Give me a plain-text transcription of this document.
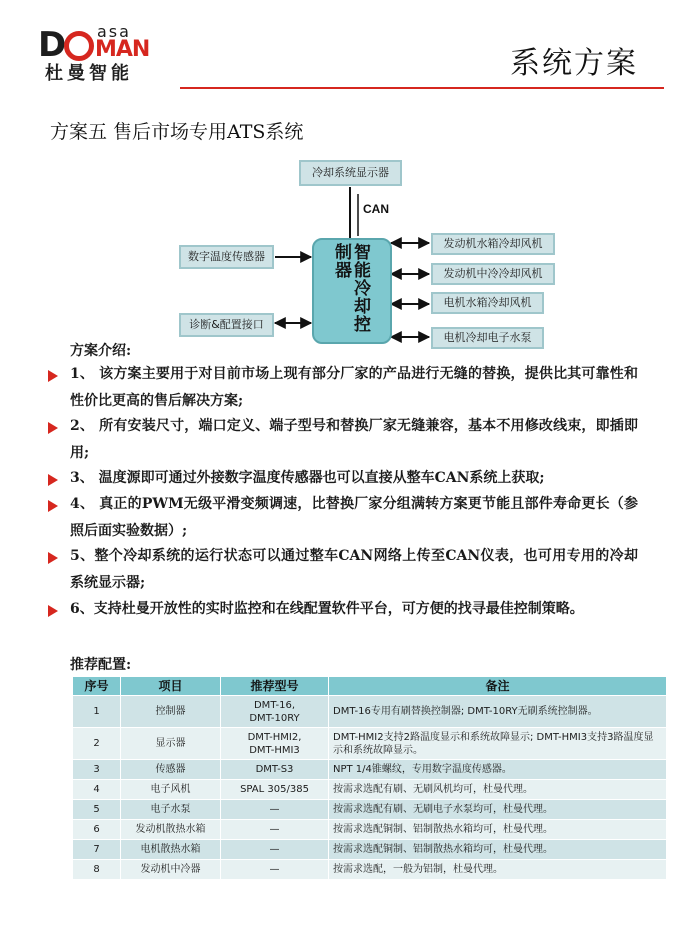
D	asa
MAN
杜曼智能	系统方案
方案五 售后市场专用ATS系统
冷却系统显示器
CAN
智能冷却控制器
数字温度传感器
诊断&配置接口
发动机水箱冷却风机
发动机中冷冷却风机
电机水箱冷却风机
电机冷却电子水泵
方案介绍:
1、 该方案主要用于对目前市场上现有部分厂家的产品进行无缝的替换，提供比其可靠性和性价比更高的售后解决方案;
2、 所有安装尺寸，端口定义、端子型号和替换厂家无缝兼容，基本不用修改线束，即插即用;
3、 温度源即可通过外接数字温度传感器也可以直接从整车CAN系统上获取;
4、 真正的PWM无级平滑变频调速，比替换厂家分组满转方案更节能且部件寿命更长（参照后面实验数据）;
5、整个冷却系统的运行状态可以通过整车CAN网络上传至CAN仪表，也可用专用的冷却系统显示器;
6、支持杜曼开放性的实时监控和在线配置软件平台，可方便的找寻最佳控制策略。
推荐配置:
序号	项目	推荐型号	备注
1	控制器	DMT-16,
DMT-10RY	DMT-16专用有刷替换控制器; DMT-10RY无刷系统控制器。
2	显示器	DMT-HMI2,
DMT-HMI3	DMT-HMI2支持2路温度显示和系统故障显示; DMT-HMI3支持3路温度显示和系统故障显示。
3	传感器	DMT-S3	NPT 1/4锥螺纹，专用数字温度传感器。
4	电子风机	SPAL 305/385	按需求选配有刷、无刷风机均可，杜曼代理。
5	电子水泵	—	按需求选配有刷、无刷电子水泵均可，杜曼代理。
6	发动机散热水箱	—	按需求选配铜制、铝制散热水箱均可，杜曼代理。
7	电机散热水箱	—	按需求选配铜制、铝制散热水箱均可，杜曼代理。
8	发动机中冷器	—	按需求选配，一般为铝制，杜曼代理。
